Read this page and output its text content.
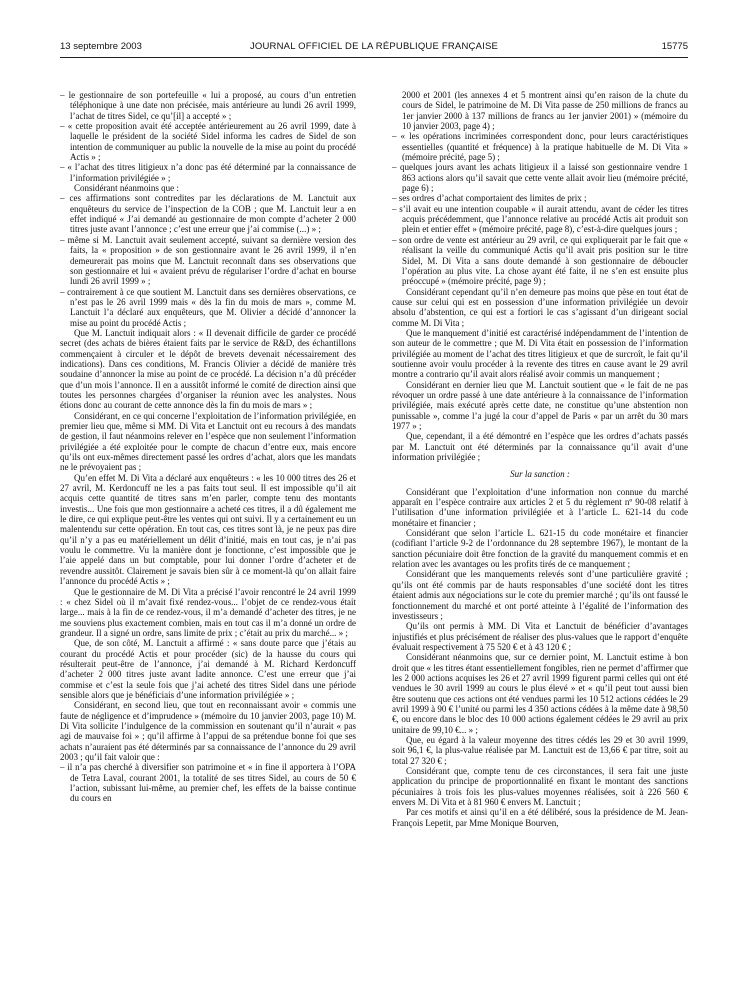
13 septembre 2003	JOURNAL OFFICIEL DE LA RÉPUBLIQUE FRANÇAISE	15775

– le gestionnaire de son portefeuille « lui a proposé, au cours d’un entretien téléphonique à une date non précisée, mais antérieure au lundi 26 avril 1999, l’achat de titres Sidel, ce qu’[il] a accepté » ;

– « cette proposition avait été acceptée antérieurement au 26 avril 1999, date à laquelle le président de la société Sidel informa les cadres de Sidel de son intention de communiquer au public la nouvelle de la mise au point du procédé Actis » ;

– « l’achat des titres litigieux n’a donc pas été déterminé par la connaissance de l’information privilégiée » ;

Considérant néanmoins que :

– ces affirmations sont contredites par les déclarations de M. Lanctuit aux enquêteurs du service de l’inspection de la COB ; que M. Lanctuit leur a en effet indiqué « J’ai demandé au gestionnaire de mon compte d’acheter 2 000 titres juste avant l’annonce ; c’est une erreur que j’ai commise (...) » ;

– même si M. Lanctuit avait seulement accepté, suivant sa dernière version des faits, la « proposition » de son gestionnaire avant le 26 avril 1999, il n’en demeurerait pas moins que M. Lanctuit reconnaît dans ses observations que son gestionnaire et lui « avaient prévu de régulariser l’ordre d’achat en bourse lundi 26 avril 1999 » ;

– contrairement à ce que soutient M. Lanctuit dans ses dernières observations, ce n’est pas le 26 avril 1999 mais « dès la fin du mois de mars », comme M. Lanctuit l’a déclaré aux enquêteurs, que M. Olivier a décidé d’annoncer la mise au point du procédé Actis ;

Que M. Lanctuit indiquait alors : « Il devenait difficile de garder ce procédé secret (des achats de bières étaient faits par le service de R&D, des échantillons commençaient à circuler et le dépôt de brevets devenait nécessairement des indications). Dans ces conditions, M. Francis Olivier a décidé de manière très soudaine d’annoncer la mise au point de ce procédé. La décision n’a dû précéder que d’un mois l’annonce. Il en a aussitôt informé le comité de direction ainsi que toutes les personnes chargées d’organiser la réunion avec les analystes. Nous étions donc au courant de cette annonce dès la fin du mois de mars » ;

Considérant, en ce qui concerne l’exploitation de l’information privilégiée, en premier lieu que, même si MM. Di Vita et Lanctuit ont eu recours à des mandats de gestion, il faut néanmoins relever en l’espèce que non seulement l’information privilégiée a été exploitée pour le compte de chacun d’entre eux, mais encore qu’ils ont eux-mêmes directement passé les ordres d’achat, alors que les mandats ne le prévoyaient pas ;

Qu’en effet M. Di Vita a déclaré aux enquêteurs : « les 10 000 titres des 26 et 27 avril, M. Kerdoncuff ne les a pas faits tout seul. Il est impossible qu’il ait acquis cette quantité de titres sans m’en parler, compte tenu des montants investis... Une fois que mon gestionnaire a acheté ces titres, il a dû également me le dire, ce qui explique peut-être les ventes qui ont suivi. Il y a certainement eu un malentendu sur cette opération. En tout cas, ces titres sont là, je ne peux pas dire qu’il n’y a pas eu matériellement un délit d’initié, mais en tout cas, je n’ai pas voulu le commettre. Vu la manière dont je fonctionne, c’est impossible que je l’aie appelé dans un but comptable, pour lui donner l’ordre d’acheter et de revendre aussitôt. Clairement je savais bien sûr à ce moment-là qu’on allait faire l’annonce du procédé Actis » ;

Que le gestionnaire de M. Di Vita a précisé l’avoir rencontré le 24 avril 1999 : « chez Sidel où il m’avait fixé rendez-vous... l’objet de ce rendez-vous était large... mais à la fin de ce rendez-vous, il m’a demandé d’acheter des titres, je ne me souviens plus exactement combien, mais en tout cas il m’a donné un ordre de grandeur. Il a signé un ordre, sans limite de prix ; c’était au prix du marché... » ;

Que, de son côté, M. Lanctuit a affirmé : « sans doute parce que j’étais au courant du procédé Actis et pour procéder (sic) de la hausse du cours qui résulterait peut-être de l’annonce, j’ai demandé à M. Richard Kerdoncuff d’acheter 2 000 titres juste avant ladite annonce. C’est une erreur que j’ai commise et c’est la seule fois que j’ai acheté des titres Sidel dans une période sensible alors que je bénéficiais d’une information privilégiée » ;

Considérant, en second lieu, que tout en reconnaissant avoir « commis une faute de négligence et d’imprudence » (mémoire du 10 janvier 2003, page 10) M. Di Vita sollicite l’indulgence de la commission en soutenant qu’il n’aurait « pas agi de mauvaise foi » ; qu’il affirme à l’appui de sa prétendue bonne foi que ses achats n’auraient pas été déterminés par sa connaissance de l’annonce du 29 avril 2003 ; qu’il fait valoir que :

– il n’a pas cherché à diversifier son patrimoine et « in fine il apportera à l’OPA de Tetra Laval, courant 2001, la totalité de ses titres Sidel, au cours de 50 € l’action, subissant lui-même, au premier chef, les effets de la baisse continue du cours en

2000 et 2001 (les annexes 4 et 5 montrent ainsi qu’en raison de la chute du cours de Sidel, le patrimoine de M. Di Vita passe de 250 millions de francs au 1er janvier 2000 à 137 millions de francs au 1er janvier 2001) » (mémoire du 10 janvier 2003, page 4) ;

– « les opérations incriminées correspondent donc, pour leurs caractéristiques essentielles (quantité et fréquence) à la pratique habituelle de M. Di Vita » (mémoire précité, page 5) ;

– quelques jours avant les achats litigieux il a laissé son gestionnaire vendre 1 863 actions alors qu’il savait que cette vente allait avoir lieu (mémoire précité, page 6) ;

– ses ordres d’achat comportaient des limites de prix ;

– s’il avait eu une intention coupable « il aurait attendu, avant de céder les titres acquis précédemment, que l’annonce relative au procédé Actis ait produit son plein et entier effet » (mémoire précité, page 8), c’est-à-dire quelques jours ;

– son ordre de vente est antérieur au 29 avril, ce qui expliquerait par le fait que « réalisant la veille du communiqué Actis qu’il avait pris position sur le titre Sidel, M. Di Vita a sans doute demandé à son gestionnaire de déboucler l’opération au plus vite. La chose ayant été faite, il ne s’en est ensuite plus préoccupé » (mémoire précité, page 9) ;

Considérant cependant qu’il n’en demeure pas moins que pèse en tout état de cause sur celui qui est en possession d’une information privilégiée un devoir absolu d’abstention, ce qui est a fortiori le cas s’agissant d’un dirigeant social comme M. Di Vita ;

Que le manquement d’initié est caractérisé indépendamment de l’intention de son auteur de le commettre ; que M. Di Vita était en possession de l’information privilégiée au moment de l’achat des titres litigieux et que de surcroît, le fait qu’il soutienne avoir voulu procéder à la revente des titres en cause avant le 29 avril montre a contrario qu’il avait alors réalisé avoir commis un manquement ;

Considérant en dernier lieu que M. Lanctuit soutient que « le fait de ne pas révoquer un ordre passé à une date antérieure à la connaissance de l’information privilégiée, mais exécuté après cette date, ne constitue qu’une abstention non punissable », comme l’a jugé la cour d’appel de Paris « par un arrêt du 30 mars 1977 » ;

Que, cependant, il a été démontré en l’espèce que les ordres d’achats passés par M. Lanctuit ont été déterminés par la connaissance qu’il avait d’une information privilégiée ;

Sur la sanction :

Considérant que l’exploitation d’une information non connue du marché apparaît en l’espèce contraire aux articles 2 et 5 du règlement nº 90-08 relatif à l’utilisation d’une information privilégiée et à l’article L. 621-14 du code monétaire et financier ;

Considérant que selon l’article L. 621-15 du code monétaire et financier (codifiant l’article 9-2 de l’ordonnance du 28 septembre 1967), le montant de la sanction pécuniaire doit être fonction de la gravité du manquement commis et en relation avec les avantages ou les profits tirés de ce manquement ;

Considérant que les manquements relevés sont d’une particulière gravité ; qu’ils ont été commis par de hauts responsables d’une société dont les titres étaient admis aux négociations sur le cote du premier marché ; qu’ils ont faussé le fonctionnement du marché et ont porté atteinte à l’égalité de l’information des investisseurs ;

Qu’ils ont permis à MM. Di Vita et Lanctuit de bénéficier d’avantages injustifiés et plus précisément de réaliser des plus-values que le rapport d’enquête évaluait respectivement à 75 520 € et à 43 120 € ;

Considérant néanmoins que, sur ce dernier point, M. Lanctuit estime à bon droit que « les titres étant essentiellement fongibles, rien ne permet d’affirmer que les 2 000 actions acquises les 26 et 27 avril 1999 figurent parmi celles qui ont été vendues le 30 avril 1999 au cours le plus élevé » et « qu’il peut tout aussi bien être soutenu que ces actions ont été vendues parmi les 10 512 actions cédées le 29 avril 1999 à 90 € l’unité ou parmi les 4 350 actions cédées à la même date à 98,50 €, ou encore dans le bloc des 10 000 actions également cédées le 29 avril au prix unitaire de 99,10 €... » ;

Que, eu égard à la valeur moyenne des titres cédés les 29 et 30 avril 1999, soit 96,1 €, la plus-value réalisée par M. Lanctuit est de 13,66 € par titre, soit au total 27 320 € ;

Considérant que, compte tenu de ces circonstances, il sera fait une juste application du principe de proportionnalité en fixant le montant des sanctions pécuniaires à trois fois les plus-values moyennes réalisées, soit à 226 560 € envers M. Di Vita et à 81 960 € envers M. Lanctuit ;

Par ces motifs et ainsi qu’il en a été délibéré, sous la présidence de M. Jean-François Lepetit, par Mme Monique Bourven,
